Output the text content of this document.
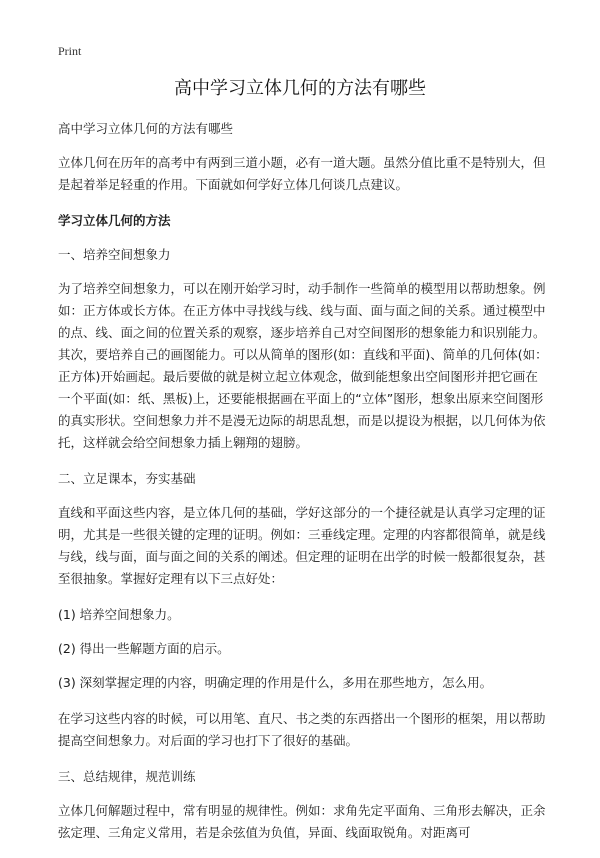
Print
高中学习立体几何的方法有哪些

高中学习立体几何的方法有哪些

立体几何在历年的高考中有两到三道小题，必有一道大题。虽然分值比重不是特别大，但是起着举足轻重的作用。下面就如何学好立体几何谈几点建议。

学习立体几何的方法

一、培养空间想象力

为了培养空间想象力，可以在刚开始学习时，动手制作一些简单的模型用以帮助想象。例如：正方体或长方体。在正方体中寻找线与线、线与面、面与面之间的关系。通过模型中的点、线、面之间的位置关系的观察，逐步培养自己对空间图形的想象能力和识别能力。其次，要培养自己的画图能力。可以从简单的图形(如：直线和平面)、简单的几何体(如：正方体)开始画起。最后要做的就是树立起立体观念，做到能想象出空间图形并把它画在一个平面(如：纸、黑板)上，还要能根据画在平面上的“立体”图形，想象出原来空间图形的真实形状。空间想象力并不是漫无边际的胡思乱想，而是以提设为根据，以几何体为依托，这样就会给空间想象力插上翱翔的翅膀。

二、立足课本，夯实基础

直线和平面这些内容，是立体几何的基础，学好这部分的一个捷径就是认真学习定理的证明，尤其是一些很关键的定理的证明。例如：三垂线定理。定理的内容都很简单，就是线与线，线与面，面与面之间的关系的阐述。但定理的证明在出学的时候一般都很复杂，甚至很抽象。掌握好定理有以下三点好处：

(1) 培养空间想象力。

(2) 得出一些解题方面的启示。

(3) 深刻掌握定理的内容，明确定理的作用是什么，多用在那些地方，怎么用。

在学习这些内容的时候，可以用笔、直尺、书之类的东西搭出一个图形的框架，用以帮助提高空间想象力。对后面的学习也打下了很好的基础。

三、总结规律，规范训练

立体几何解题过程中，常有明显的规律性。例如：求角先定平面角、三角形去解决，正余弦定理、三角定义常用，若是余弦值为负值，异面、线面取锐角。对距离可
